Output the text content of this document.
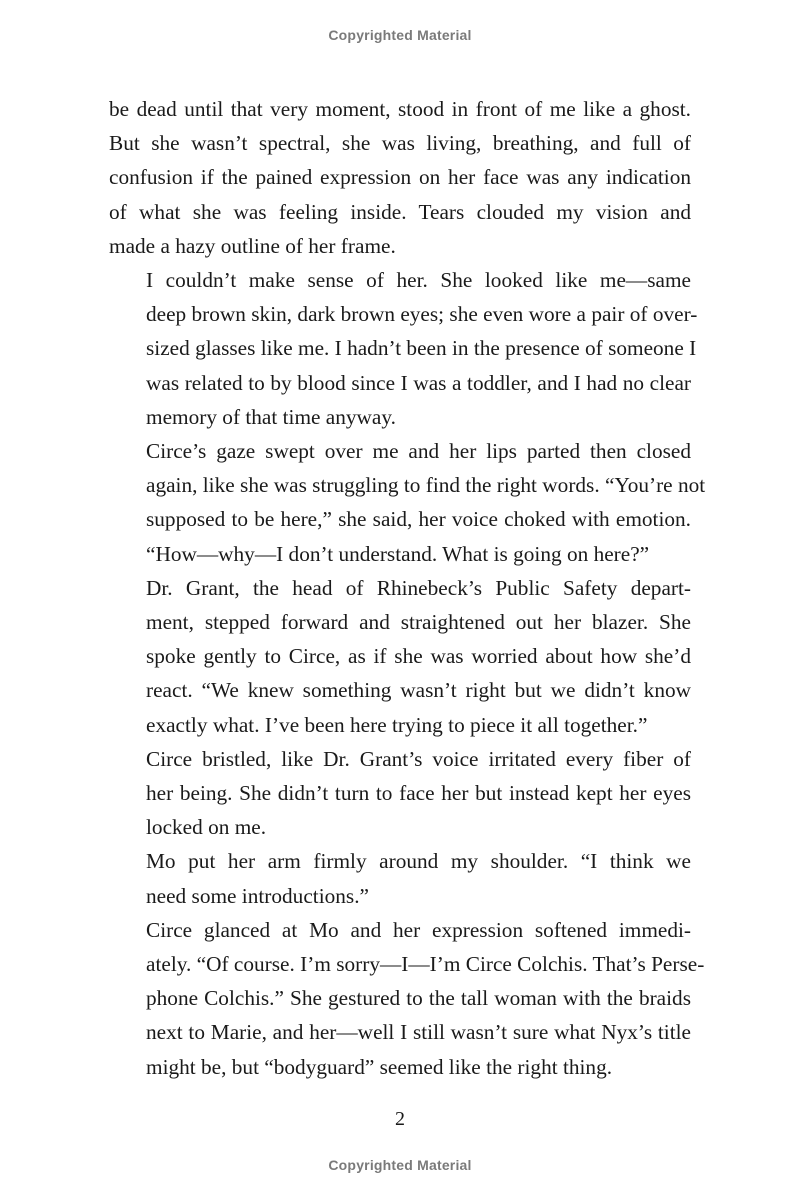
Copyrighted Material

be dead until that very moment, stood in front of me like a ghost.
But she wasn’t spectral, she was living, breathing, and full of
confusion if the pained expression on her face was any indication
of what she was feeling inside. Tears clouded my vision and
made a hazy outline of her frame.

I couldn’t make sense of her. She looked like me—same
deep brown skin, dark brown eyes; she even wore a pair of over-
sized glasses like me. I hadn’t been in the presence of someone I
was related to by blood since I was a toddler, and I had no clear
memory of that time anyway.

Circe’s gaze swept over me and her lips parted then closed
again, like she was struggling to find the right words. “You’re not
supposed to be here,” she said, her voice choked with emotion.
“How—why—I don’t understand. What is going on here?”

Dr. Grant, the head of Rhinebeck’s Public Safety depart-
ment, stepped forward and straightened out her blazer. She
spoke gently to Circe, as if she was worried about how she’d
react. “We knew something wasn’t right but we didn’t know
exactly what. I’ve been here trying to piece it all together.”

Circe bristled, like Dr. Grant’s voice irritated every fiber of
her being. She didn’t turn to face her but instead kept her eyes
locked on me.

Mo put her arm firmly around my shoulder. “I think we
need some introductions.”

Circe glanced at Mo and her expression softened immedi-
ately. “Of course. I’m sorry—I—I’m Circe Colchis. That’s Perse-
phone Colchis.” She gestured to the tall woman with the braids
next to Marie, and her—well I still wasn’t sure what Nyx’s title
might be, but “bodyguard” seemed like the right thing.

2
Copyrighted Material
